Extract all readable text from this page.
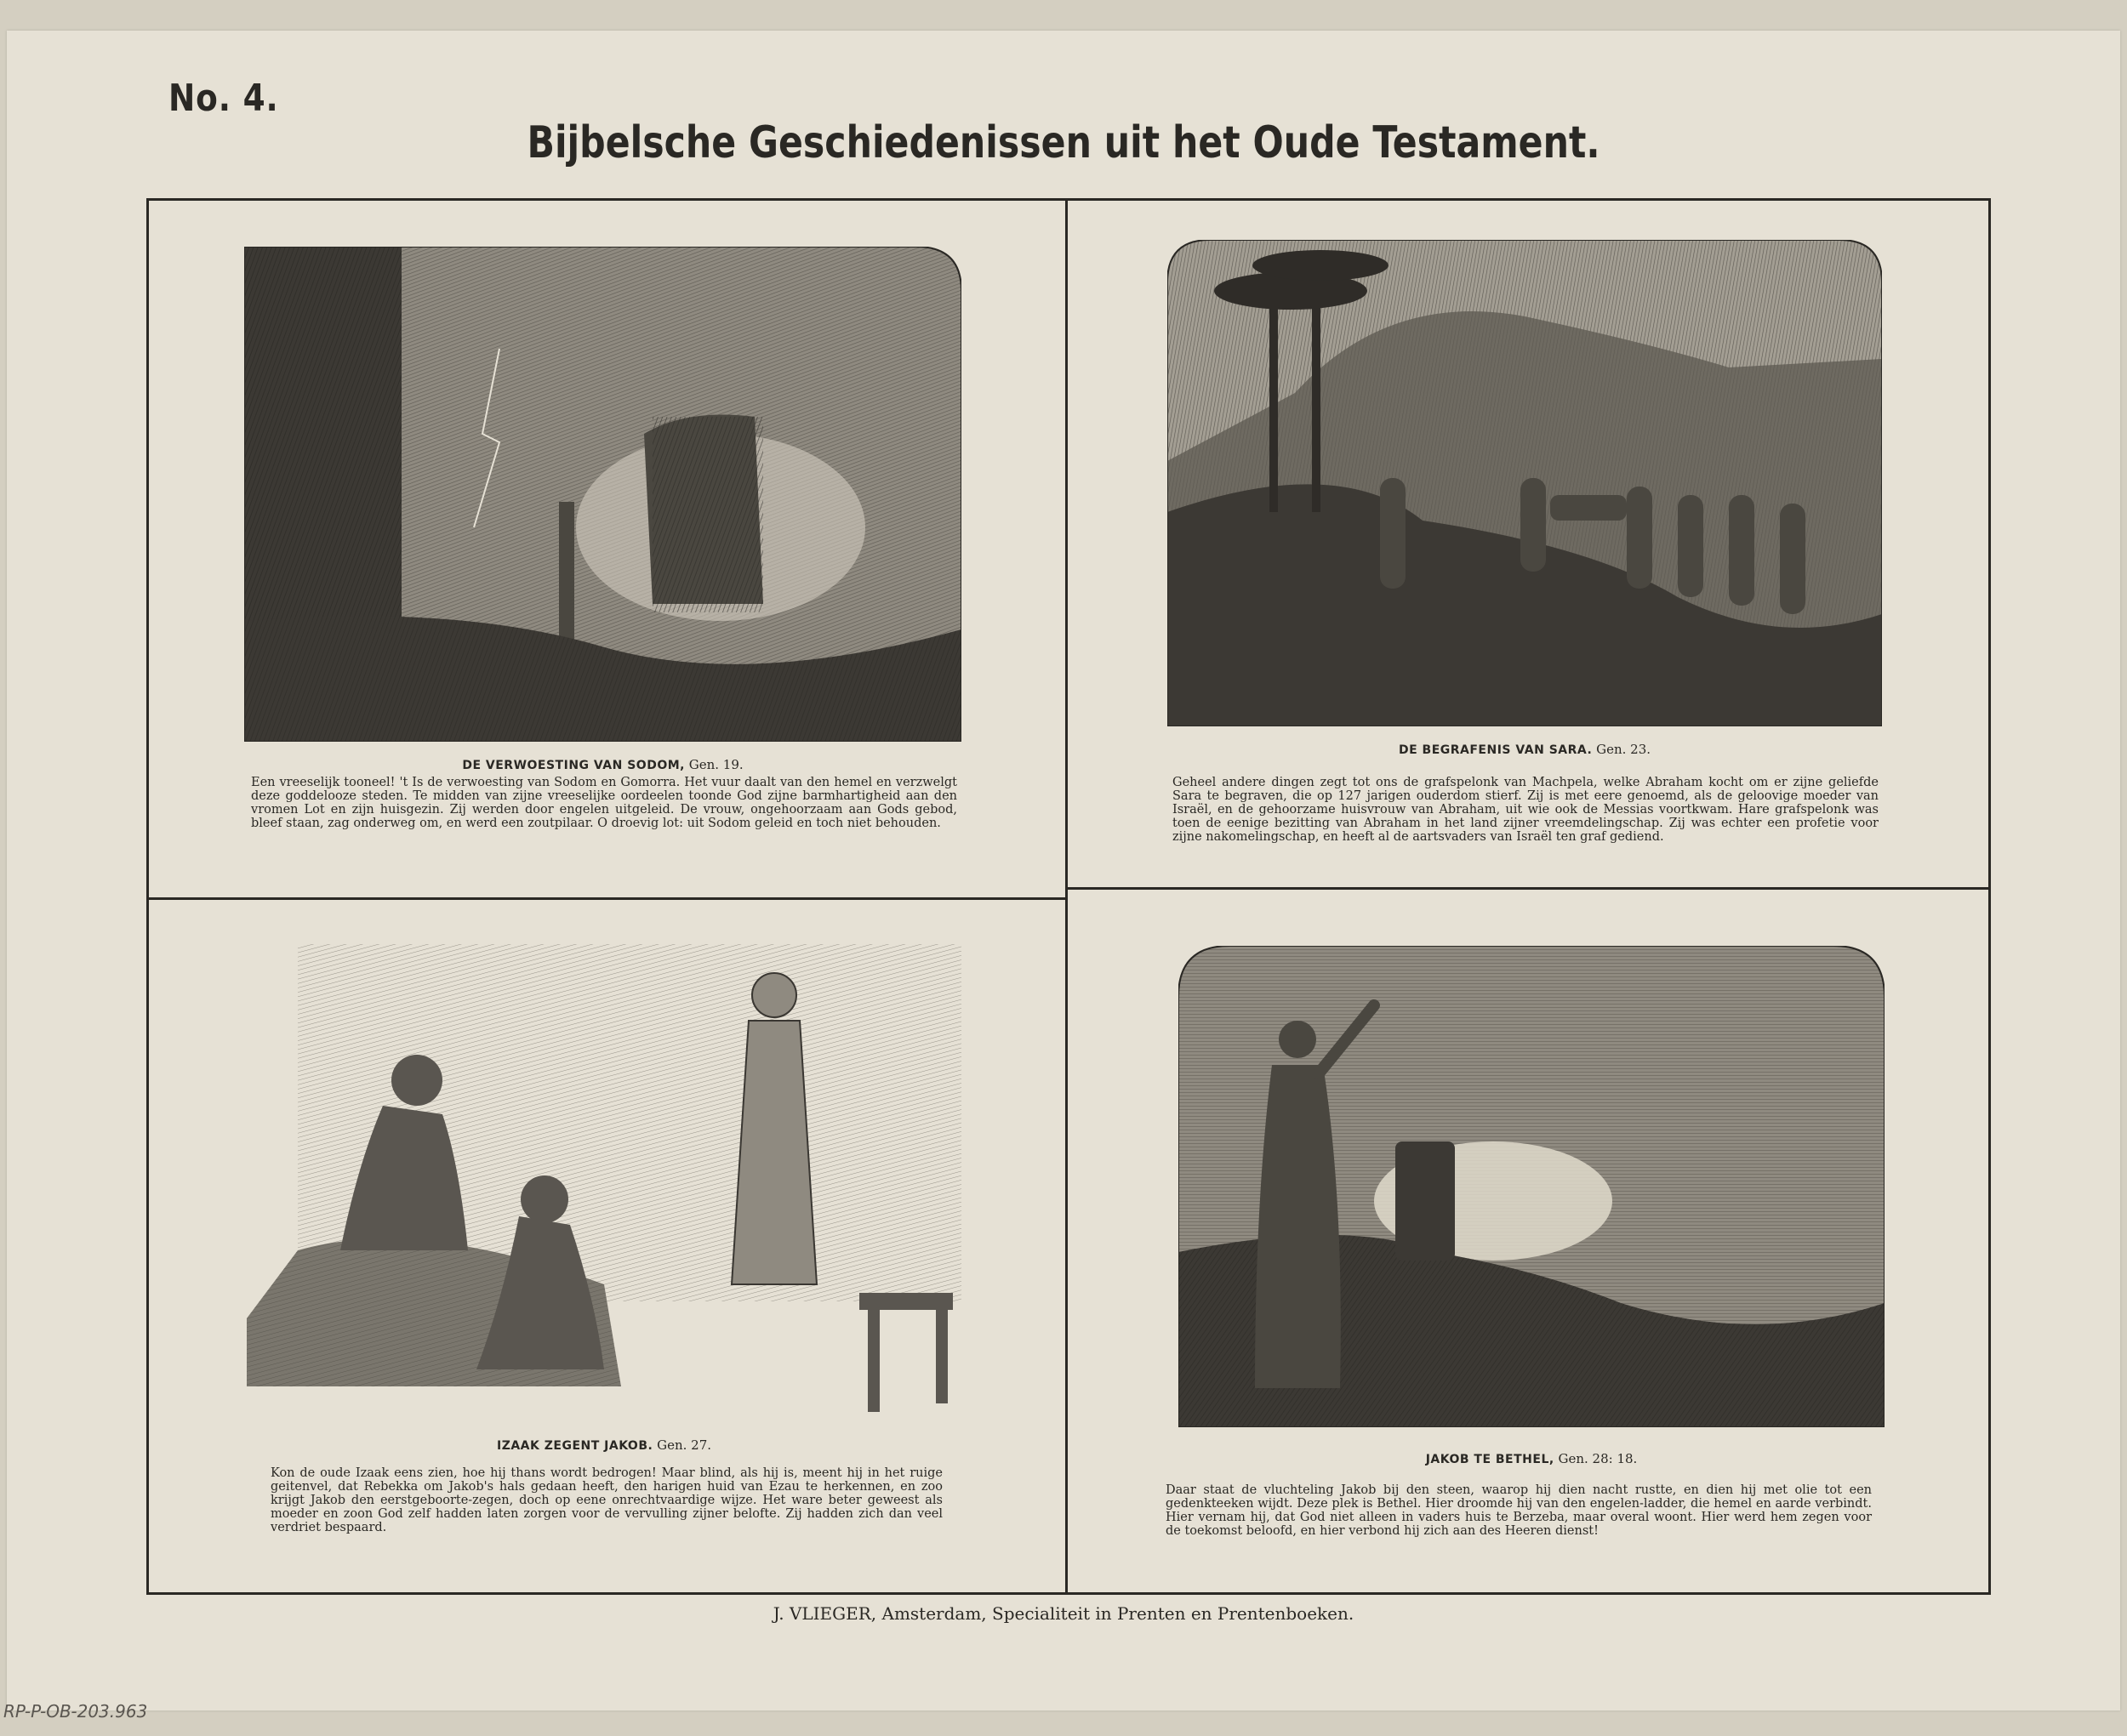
No. 4.
Bijbelsche Geschiedenissen uit het Oude Testament.
DE VERWOESTING VAN SODOM, Gen. 19.
Een vreeselijk tooneel! 't Is de verwoesting van Sodom en Gomorra. Het vuur daalt van den hemel en verzwelgt deze goddelooze steden. Te midden van zijne vreeselijke oordeelen toonde God zijne barmhartigheid aan den vromen Lot en zijn huisgezin. Zij werden door engelen uitgeleid. De vrouw, ongehoorzaam aan Gods gebod, bleef staan, zag onderweg om, en werd een zoutpilaar. O droevig lot: uit Sodom geleid en toch niet behouden.
DE BEGRAFENIS VAN SARA. Gen. 23.
Geheel andere dingen zegt tot ons de grafspelonk van Machpela, welke Abraham kocht om er zijne geliefde Sara te begraven, die op 127 jarigen ouderdom stierf. Zij is met eere genoemd, als de geloovige moeder van Israël, en de gehoorzame huisvrouw van Abraham, uit wie ook de Messias voortkwam. Hare grafspelonk was toen de eenige bezitting van Abraham in het land zijner vreemdelingschap. Zij was echter een profetie voor zijne nakomelingschap, en heeft al de aartsvaders van Israël ten graf gediend.
IZAAK ZEGENT JAKOB. Gen. 27.
Kon de oude Izaak eens zien, hoe hij thans wordt bedrogen! Maar blind, als hij is, meent hij in het ruige geitenvel, dat Rebekka om Jakob's hals gedaan heeft, den harigen huid van Ezau te herkennen, en zoo krijgt Jakob den eerstgeboorte-zegen, doch op eene onrechtvaardige wijze. Het ware beter geweest als moeder en zoon God zelf hadden laten zorgen voor de vervulling zijner belofte. Zij hadden zich dan veel verdriet bespaard.
JAKOB TE BETHEL, Gen. 28: 18.
Daar staat de vluchteling Jakob bij den steen, waarop hij dien nacht rustte, en dien hij met olie tot een gedenkteeken wijdt. Deze plek is Bethel. Hier droomde hij van den engelen-ladder, die hemel en aarde verbindt. Hier vernam hij, dat God niet alleen in vaders huis te Berzeba, maar overal woont. Hier werd hem zegen voor de toekomst beloofd, en hier verbond hij zich aan des Heeren dienst!
J. VLIEGER, Amsterdam, Specialiteit in Prenten en Prentenboeken.
RP-P-OB-203.963
